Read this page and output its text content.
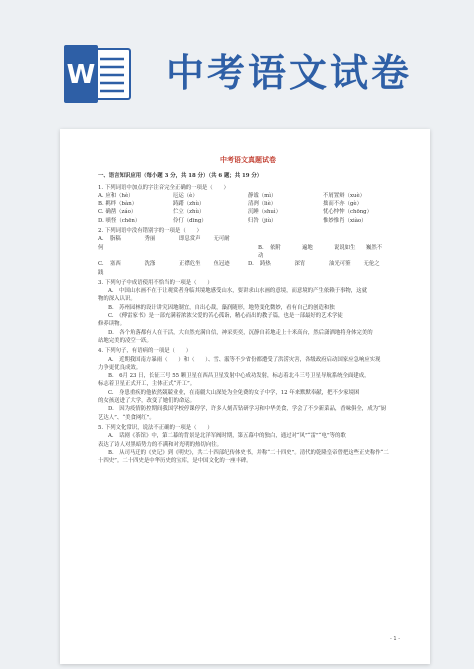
W 中考语文试卷
中考语文真题试卷
一、语言知识应用（每小题 3 分，共 18 分）（共 6 题；共 19 分）
1. 下列词语中加点的字注音完全正确的一项是（　　）
A. 应和（hè）	厄运（è）	静谧（mì）	不屑置辩（xuè）
B. 羁绊（bàn）	踌躇（zhù）	清冽（liè）	拙而不亦（gè）
C. 确凿（záo）	伫立（zhù）	沉睡（shuì）	忧心忡忡（chōng）
D. 嗔怪（chēn）	伶仃（dīng）	归咎（jiù）	惟妙惟肖（xiào）
2. 下列词语中没有错别字的一项是（　　）
A.	脂稿	秀丽	即息赏声	无可耐
何	B.	依附	遍地	说说如生	巍然不
动
C.	塞西	洗涤	正襟危坐	鱼冠迹	D.	踌热	深宵	油光可鉴	无伦之
践
3. 下列句子中成语使用不恰当的一项是（　　）
A.　中国山水画不在于让观赏者身临其境地感受山水，要讲求山水画的意境，而意境的产生依赖于事物，这就
物的深入认识。
B.　苏州园林的设计讲究因地制宜，自出心裁，藻润随形，地势变化微妙，看有自己的创造和独
C.　《傅雷家书》是一部充满着浓浓父爱的苦心孤诣，精心而出的教子篇，也是一部最好的艺术学徒
修养读物。
D.　各个角落都有人在干活，大自然充满自信，神采奕奕，沉静自若地走上十米高台，然后潇洒地将身体完美的
站地完美的凌空一跃。
4. 下列句子，有语病的一项是（　　）
A.　近期我国南方暴雨（　　）和（　　）、雪、霰等不少省份都遭受了洪涝灾害，各级政府启动国家应急响应实现
力争更优良成效。
B.　6月 23 日，长征三号 55 颗卫星在西昌卫星发射中心成功发射，标志着北斗三号卫星导航系统全面建成，
标志着卫星正式开工，主体正式“开工”。
C.　身患重疾的他依然兢兢业业，在南疆大山深处为全免费的女子中学，12 年来默默奉献，把不少家境困
的女孩送进了大学，改变了她们的命运。
D.　因为疫情防控期间我国学校停课停学，许多人刻苦钻研学习和中华美食，学会了不少新菜品，香味俱全，成为“厨
艺达人”、“美食网红”。
5. 下列文化常识，说法不正确的一项是（　　）
A.　话剧《茶馆》中，第二幕的背景是北洋军阀时期，第五幕中的独白，通过对“风”“雷”“电”等的歌
表达了诗人对黑暗势力的不满和对光明的热切向往。
B.　从司马迁的《史记》到《明史》，共二十四部纪传体史书，并称“二十四史”。清代的乾隆皇帝曾把这些正史称作“二
十四史”。二十四史是中华历史的宝库，是中国文化的一座丰碑。
- 1 -
